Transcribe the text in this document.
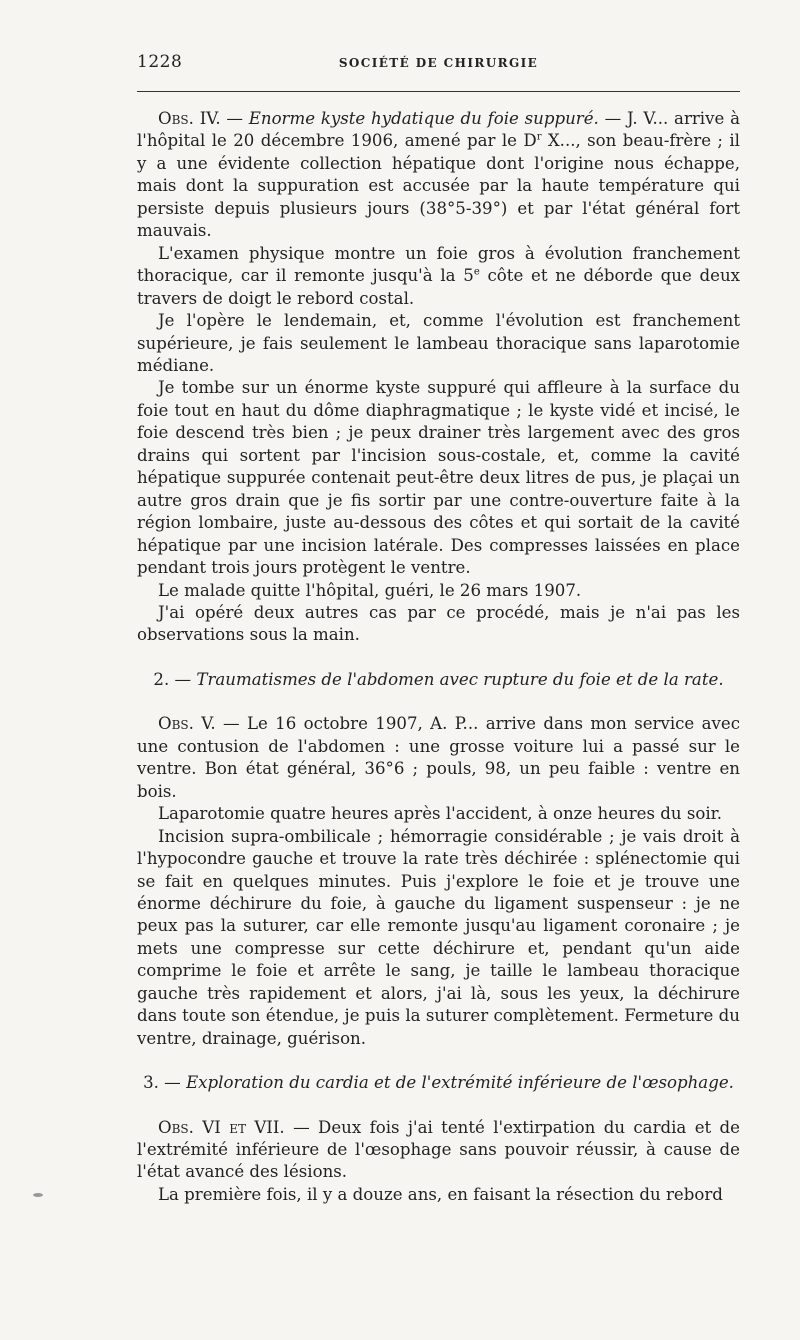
1228	SOCIÉTÉ DE CHIRURGIE

Obs. IV. — Enorme kyste hydatique du foie suppuré. — J. V... arrive à l'hôpital le 20 décembre 1906, amené par le $D^r$ X..., son beau-frère ; il y a une évidente collection hépatique dont l'origine nous échappe, mais dont la suppuration est accusée par la haute température qui persiste depuis plusieurs jours (38°5-39°) et par l'état général fort mauvais.

L'examen physique montre un foie gros à évolution franchement thoracique, car il remonte jusqu'à la 5e côte et ne déborde que deux travers de doigt le rebord costal.

Je l'opère le lendemain, et, comme l'évolution est franchement supérieure, je fais seulement le lambeau thoracique sans laparotomie médiane.

Je tombe sur un énorme kyste suppuré qui affleure à la surface du foie tout en haut du dôme diaphragmatique ; le kyste vidé et incisé, le foie descend très bien ; je peux drainer très largement avec des gros drains qui sortent par l'incision sous-costale, et, comme la cavité hépatique suppurée contenait peut-être deux litres de pus, je plaçai un autre gros drain que je fis sortir par une contre-ouverture faite à la région lombaire, juste au-dessous des côtes et qui sortait de la cavité hépatique par une incision latérale. Des compresses laissées en place pendant trois jours protègent le ventre.

Le malade quitte l'hôpital, guéri, le 26 mars 1907.

J'ai opéré deux autres cas par ce procédé, mais je n'ai pas les observations sous la main.

2. — Traumatismes de l'abdomen avec rupture du foie et de la rate.

Obs. V. — Le 16 octobre 1907, A. P... arrive dans mon service avec une contusion de l'abdomen : une grosse voiture lui a passé sur le ventre. Bon état général, 36°6 ; pouls, 98, un peu faible : ventre en bois.

Laparotomie quatre heures après l'accident, à onze heures du soir.

Incision supra-ombilicale ; hémorragie considérable ; je vais droit à l'hypocondre gauche et trouve la rate très déchirée : splénectomie qui se fait en quelques minutes. Puis j'explore le foie et je trouve une énorme déchirure du foie, à gauche du ligament suspenseur : je ne peux pas la suturer, car elle remonte jusqu'au ligament coronaire ; je mets une compresse sur cette déchirure et, pendant qu'un aide comprime le foie et arrête le sang, je taille le lambeau thoracique gauche très rapidement et alors, j'ai là, sous les yeux, la déchirure dans toute son étendue, je puis la suturer complètement. Fermeture du ventre, drainage, guérison.

3. — Exploration du cardia et de l'extrémité inférieure de l'œsophage.

Obs. VI et VII. — Deux fois j'ai tenté l'extirpation du cardia et de l'extrémité inférieure de l'œsophage sans pouvoir réussir, à cause de l'état avancé des lésions.

La première fois, il y a douze ans, en faisant la résection du rebord
